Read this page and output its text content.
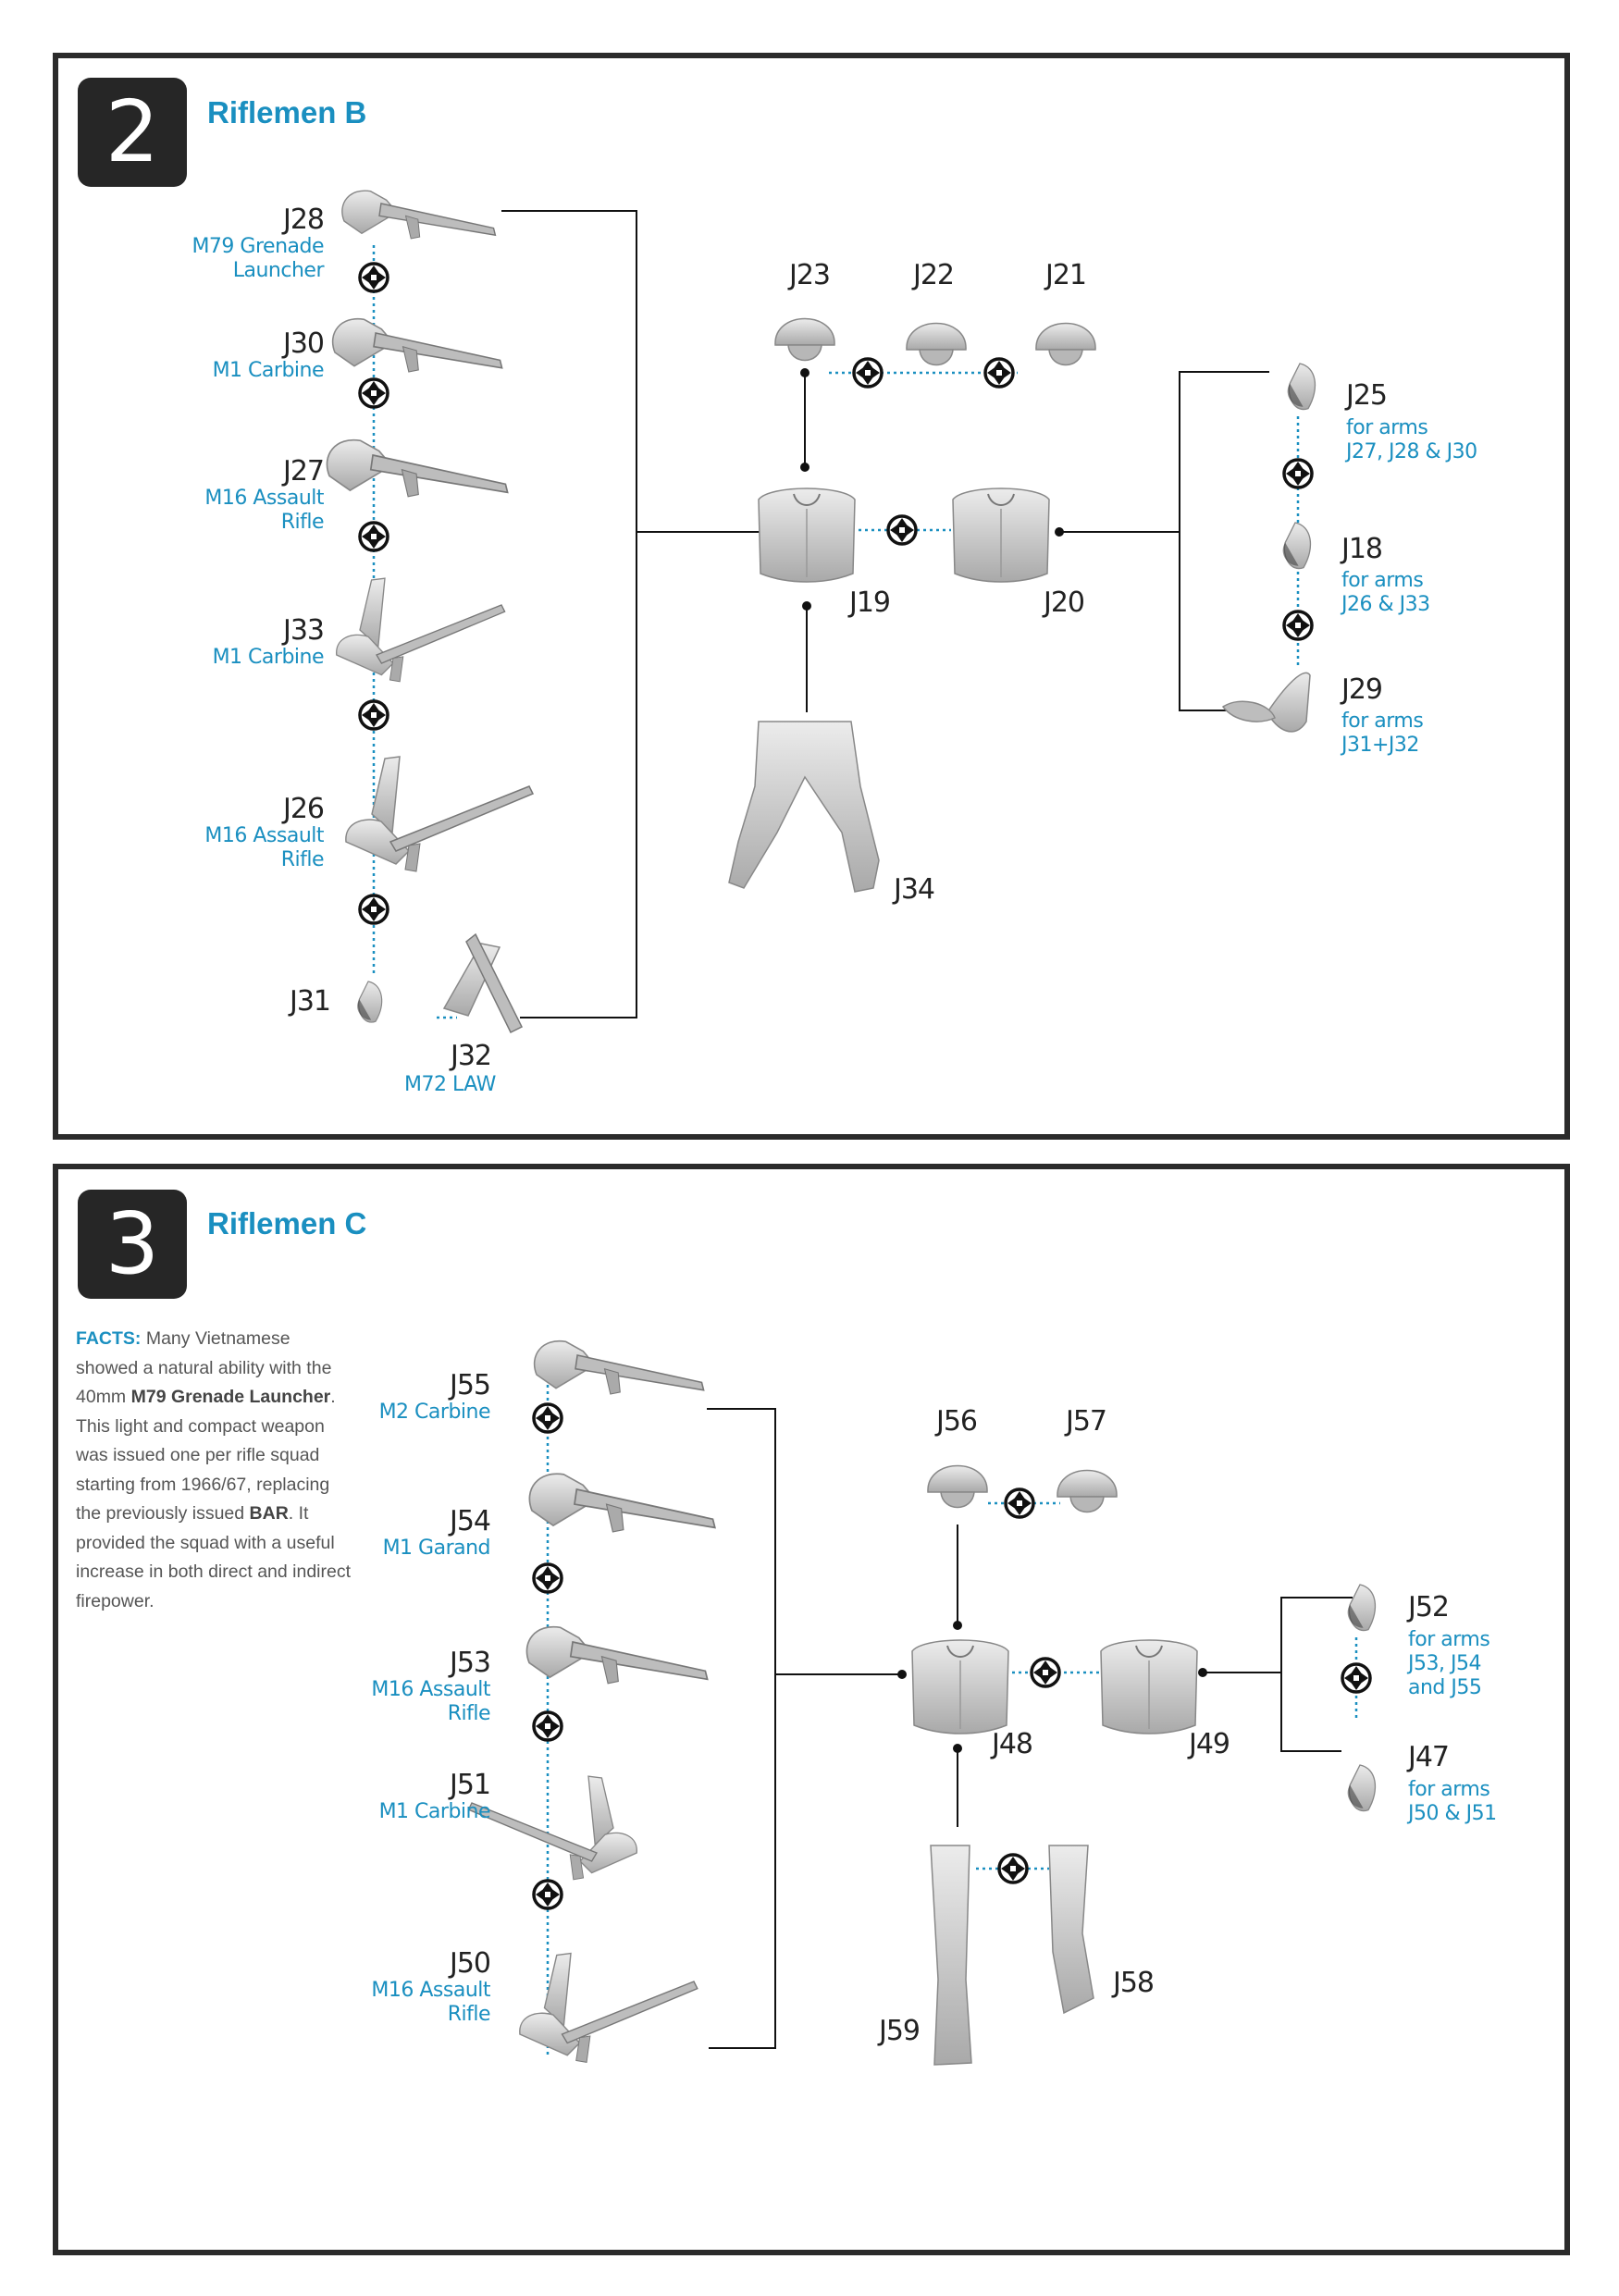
2	Riflemen B
3	Riflemen C
FACTS: Many Vietnamese showed a natural ability with the 40mm M79 Grenade Launcher. This light and compact weapon was issued one per rifle squad starting from 1966/67, replacing the previously issued BAR. It provided the squad with a useful increase in both direct and indirect firepower.
J28
M79 Grenade
Launcher
J30
M1 Carbine
J27
M16 Assault
Rifle
J33
M1 Carbine
J26
M16 Assault
Rifle
J31
J32
M72 LAW
J23	J22	J21
J19	J20
J34
J25
for arms
J27, J28 & J30
J18
for arms
J26 & J33
J29
for arms
J31+J32
J55
M2 Carbine
J54
M1 Garand
J53
M16 Assault
Rifle
J51
M1 Carbine
J50
M16 Assault
Rifle
J56	J57
J48	J49
J59
J58
J52
for arms
J53, J54
and J55
J47
for arms
J50 & J51
